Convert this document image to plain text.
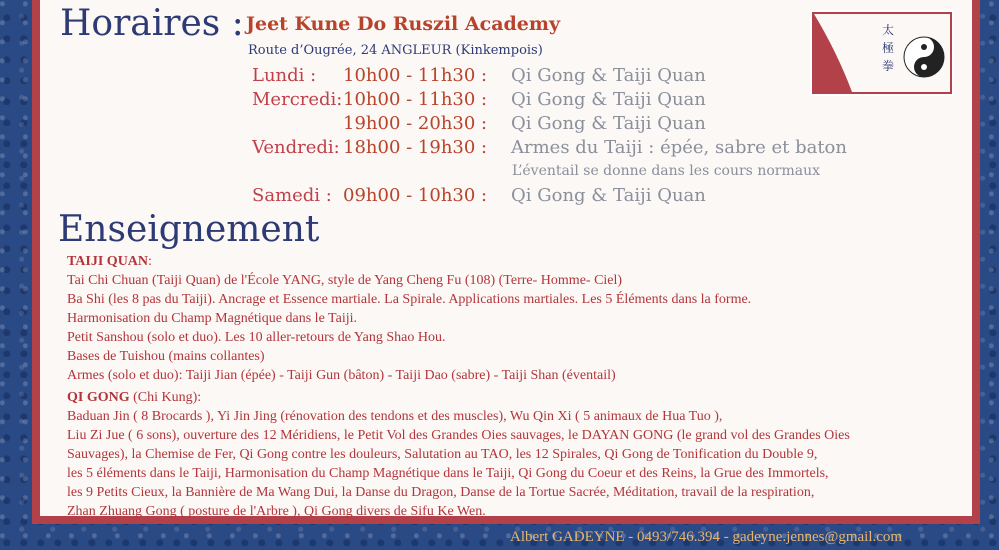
Horaires : Jeet Kune Do Ruszil Academy
Route d’Ougrée, 24 ANGLEUR (Kinkempois)
太
極
拳
Lundi : 10h00 - 11h30 : Qi Gong & Taiji Quan
Mercredi: 10h00 - 11h30 : Qi Gong & Taiji Quan
19h00 - 20h30 : Qi Gong & Taiji Quan
Vendredi: 18h00 - 19h30 : Armes du Taiji : épée, sabre et baton
L’éventail se donne dans les cours normaux
Samedi : 09h00 - 10h30 : Qi Gong & Taiji Quan
Enseignement
TAIJI QUAN:
Tai Chi Chuan (Taiji Quan) de l'École YANG, style de Yang Cheng Fu (108) (Terre- Homme- Ciel)
Ba Shi (les 8 pas du Taiji). Ancrage et Essence martiale. La Spirale. Applications martiales. Les 5 Éléments dans la forme.
Harmonisation du Champ Magnétique dans le Taiji.
Petit Sanshou (solo et duo). Les 10 aller-retours de Yang Shao Hou.
Bases de Tuishou (mains collantes)
Armes (solo et duo): Taiji Jian (épée) - Taiji Gun (bâton) - Taiji Dao (sabre) - Taiji Shan (éventail)
QI GONG (Chi Kung):
Baduan Jin ( 8 Brocards ), Yi Jin Jing (rénovation des tendons et des muscles), Wu Qin Xi ( 5 animaux de Hua Tuo ),
Liu Zi Jue ( 6 sons), ouverture des 12 Méridiens, le Petit Vol des Grandes Oies sauvages, le DAYAN GONG (le grand vol des Grandes Oies
Sauvages), la Chemise de Fer, Qi Gong contre les douleurs, Salutation au TAO, les 12 Spirales, Qi Gong de Tonification du Double 9,
les 5 éléments dans le Taiji, Harmonisation du Champ Magnétique dans le Taiji, Qi Gong du Coeur et des Reins, la Grue des Immortels,
les 9 Petits Cieux, la Bannière de Ma Wang Dui, la Danse du Dragon, Danse de la Tortue Sacrée, Méditation, travail de la respiration,
Zhan Zhuang Gong ( posture de l'Arbre ), Qi Gong divers de Sifu Ke Wen.
Albert GADEYNE - 0493/746.394 - gadeyne.jennes@gmail.com
